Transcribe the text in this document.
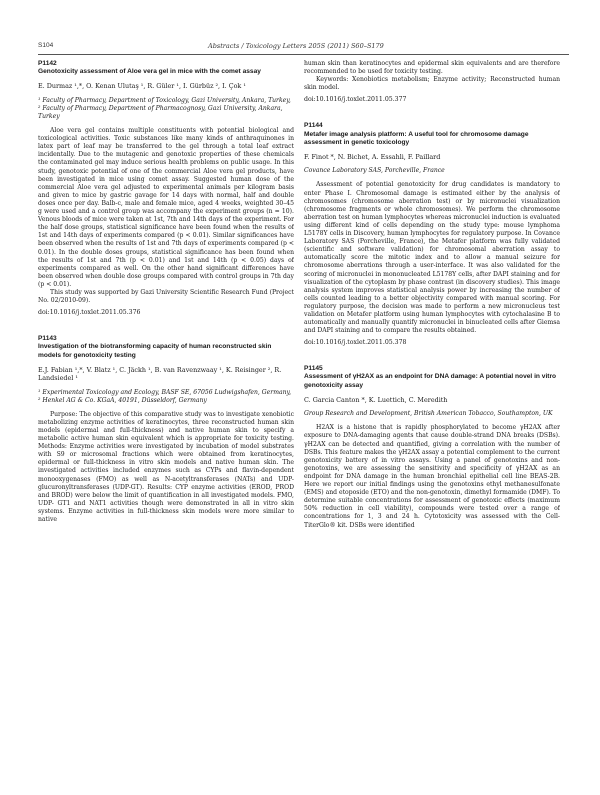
S104	Abstracts / Toxicology Letters 205S (2011) S60–S179

P1142

Genotoxicity assessment of Aloe vera gel in mice with the comet assay

E. Durmaz ¹,*, O. Kenan Ulutaş ¹, R. Güler ¹, I. Gürbüz ², I. Çok ¹

¹ Faculty of Pharmacy, Department of Toxicology, Gazi University, Ankara, Turkey, ² Faculty of Pharmacy, Department of Pharmacognosy, Gazi University, Ankara, Turkey

Aloe vera gel contains multiple constituents with potential biological and toxicological activities. Toxic substances like many kinds of anthraquinones in latex part of leaf may be transferred to the gel through a total leaf extract incidentally. Due to the mutagenic and genotoxic properties of these chemicals the contaminated gel may induce serious health problems on public usage. In this study, genotoxic potential of one of the commercial Aloe vera gel products, have been investigated in mice using comet assay. Suggested human dose of the commercial Aloe vera gel adjusted to experimental animals per kilogram basis and given to mice by gastric gavage for 14 days with normal, half and double doses once per day. Balb-c, male and female mice, aged 4 weeks, weighted 30–45 g were used and a control group was accompany the experiment groups (n = 10). Venous bloods of mice were taken at 1st, 7th and 14th days of the experiment. For the half dose groups, statistical significance have been found when the results of 1st and 14th days of experiments compared (p < 0.01). Similar significances have been observed when the results of 1st and 7th days of experiments compared (p < 0.01). In the double doses groups, statistical significance has been found when the results of 1st and 7th (p < 0.01) and 1st and 14th (p < 0.05) days of experiments compared as well. On the other hand significant differences have been observed when double dose groups compared with control groups in 7th day (p < 0.01).

This study was supported by Gazi University Scientific Research Fund (Project No. 02/2010-09).

doi:10.1016/j.toxlet.2011.05.376

P1143

Investigation of the biotransforming capacity of human reconstructed skin models for genotoxicity testing

E.J. Fabian ¹,*, V. Blatz ¹, C. Jäckh ¹, B. van Ravenzwaay ¹, K. Reisinger ², R. Landsiedel ¹

¹ Experimental Toxicology and Ecology, BASF SE, 67056 Ludwigshafen, Germany, ² Henkel AG & Co. KGaA, 40191, Düsseldorf, Germany

Purpose: The objective of this comparative study was to investigate xenobiotic metabolizing enzyme activities of keratinocytes, three reconstructed human skin models (epidermal and full-thickness) and native human skin to specify a metabolic active human skin equivalent which is appropriate for toxicity testing. Methods: Enzyme activities were investigated by incubation of model substrates with S9 or microsomal fractions which were obtained from keratinocytes, epidermal or full-thickness in vitro skin models and native human skin. The investigated activities included enzymes such as CYPs and flavin-dependent monooxygenases (FMO) as well as N-acetyltransferases (NATs) and UDP-glucuronyltransferases (UDP-GT). Results: CYP enzyme activities (EROD, PROD and BROD) were below the limit of quantification in all investigated models. FMO, UDP- GT1 and NAT1 activities though were demonstrated in all in vitro skin systems. Enzyme activities in full-thickness skin models were more similar to native

human skin than keratinocytes and epidermal skin equivalents and are therefore recommended to be used for toxicity testing.

Keywords: Xenobiotics metabolism; Enzyme activity; Reconstructed human skin model.

doi:10.1016/j.toxlet.2011.05.377

P1144

Metafer image analysis platform: A useful tool for chromosome damage assessment in genetic toxicology

F. Finot *, N. Bichet, A. Essahli, F. Paillard

Covance Laboratory SAS, Porcheville, France

Assessment of potential genotoxicity for drug candidates is mandatory to enter Phase I. Chromosomal damage is estimated either by the analysis of chromosomes (chromosome aberration test) or by micronuclei visualization (chromosome fragments or whole chromosomes). We perform the chromosome aberration test on human lymphocytes whereas micronuclei induction is evaluated using different kind of cells depending on the study type: mouse lymphoma L5178Y cells in Discovery, human lymphocytes for regulatory purpose. In Covance Laboratory SAS (Porcheville, France), the Metafer platform was fully validated (scientific and software validation) for chromosomal aberration assay to automatically score the mitotic index and to allow a manual seizure for chromosome aberrations through a user-interface. It was also validated for the scoring of micronuclei in mononucleated L5178Y cells, after DAPI staining and for visualization of the cytoplasm by phase contrast (in discovery studies). This image analysis system improves statistical analysis power by increasing the number of cells counted leading to a better objectivity compared with manual scoring. For regulatory purpose, the decision was made to perform a new micronucleus test validation on Metafer platform using human lymphocytes with cytochalasine B to automatically and manually quantify micronuclei in binucleated cells after Giemsa and DAPI staining and to compare the results obtained.

doi:10.1016/j.toxlet.2011.05.378

P1145

Assessment of γH2AX as an endpoint for DNA damage: A potential novel in vitro genotoxicity assay

C. Garcia Canton *, K. Luettich, C. Meredith

Group Research and Development, British American Tobacco, Southampton, UK

H2AX is a histone that is rapidly phosphorylated to become γH2AX after exposure to DNA-damaging agents that cause double-strand DNA breaks (DSBs). γH2AX can be detected and quantified, giving a correlation with the number of DSBs. This feature makes the γH2AX assay a potential complement to the current genotoxicity battery of in vitro assays. Using a panel of genotoxins and non-genotoxins, we are assessing the sensitivity and specificity of γH2AX as an endpoint for DNA damage in the human bronchial epithelial cell line BEAS-2B. Here we report our initial findings using the genotoxins ethyl methanesulfonate (EMS) and etoposide (ETO) and the non-genotoxin, dimethyl formamide (DMF). To determine suitable concentrations for assessment of genotoxic effects (maximum 50% reduction in cell viability), compounds were tested over a range of concentrations for 1, 3 and 24 h. Cytotoxicity was assessed with the Cell-TiterGlo® kit. DSBs were identified
